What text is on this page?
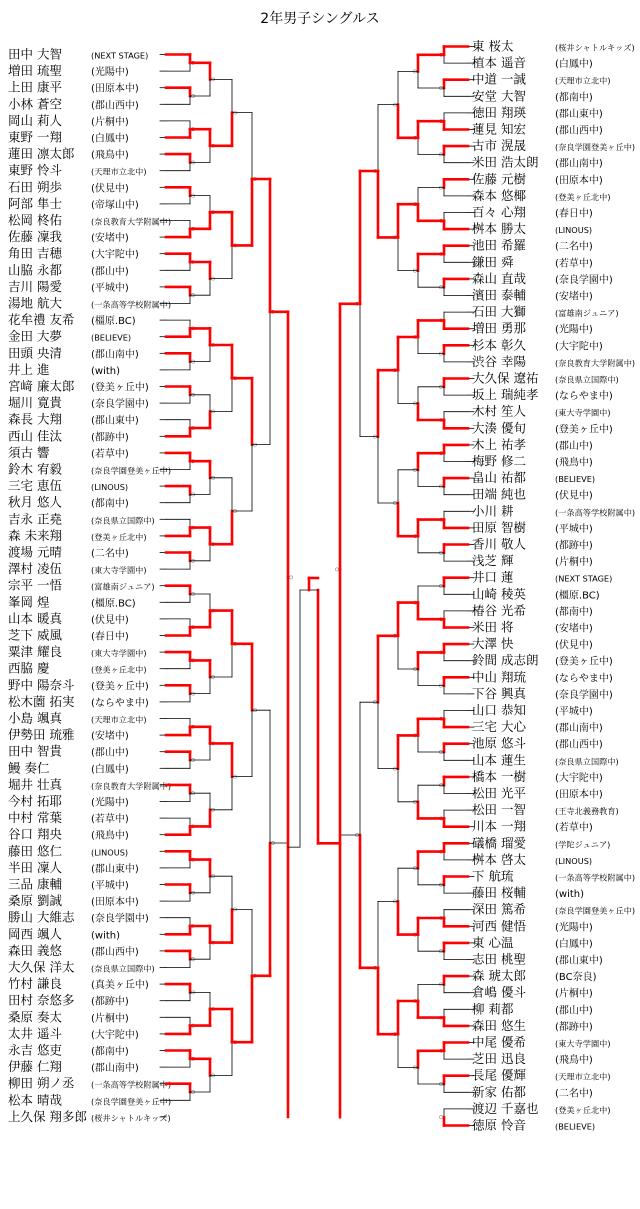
2年男子シングルス
田中 大智	(NEXT STAGE)
増田 琉聖	(光陽中)
上田 康平	(田原本中)
小林 蒼空	(郡山西中)
岡山 莉人	(片桐中)
東野 一翔	(白鳳中)
蓮田 凛太郎 (飛鳥中)
東野 怜斗	(天理市立北中)
石田 朔歩	(伏見中)
阿部 隼士	(帝塚山中)
松岡 柊佑	(奈良教育大学附属中)
佐藤 凜我	(安堵中)
角田 吉穂	(大宇陀中)
山脇 永都	(郡山中)
吉川 陽愛	(平城中)
湯地 航大	(一条高等学校附属中)
花牟禮 友希 (橿原.BC)
金田 大夢	(BELIEVE)
田頭 央清	(郡山南中)
井上 進	(with)
宮﨑 廉太郎 (登美ヶ丘中)
堀川 寛貴	(奈良学園中)
森長 大翔	(郡山東中)
西山 佳汰	(都跡中)
須古 響	(若草中)
鈴木 宥毅	(奈良学園登美ヶ丘中)
三宅 恵伍	(LINOUS)
秋月 悠人	(都南中)
吉永 正堯	(奈良県立国際中)
森 未来翔	(登美ヶ丘北中)
渡場 元晴	(二名中)
澤村 凌伍	(東大寺学園中)
宗平 一悟	(富雄南ジュニア)
峯岡 煌	(橿原.BC)
山本 暖真	(伏見中)
芝下 威風	(春日中)
粟津 耀良	(東大寺学園中)
西脇 慶	(登美ヶ丘北中)
野中 陽奈斗 (登美ヶ丘中)
松木薗 拓実 (ならやま中)
小島 颯真	(天理市立北中)
伊勢田 琉雅 (安堵中)
田中 智貴	(郡山中)
鰻 奏仁	(白鳳中)
堀井 壮真	(奈良教育大学附属中)
今村 拓耶	(光陽中)
中村 常葉	(若草中)
谷口 翔央	(飛鳥中)
藤田 悠仁	(LINOUS)
半田 凜人	(郡山東中)
三品 康輔	(平城中)
桑原 劉誠	(田原本中)
勝山 大維志 (奈良学園中)
岡西 颯人	(with)
森田 義悠	(郡山西中)
大久保 洋太 (奈良県立国際中)
竹村 謙良	(真美ヶ丘中)
田村 奈悠多 (都跡中)
桑原 奏太	(片桐中)
太井 遥斗	(大宇陀中)
永吉 悠吏	(都南中)
伊藤 仁翔	(郡山南中)
柳田 朔ノ丞 (一条高等学校附属中)
松本 晴哉	(奈良学園登美ヶ丘中)
上久保 翔多郎 (桜井シャトルキッズ)
東 桜太	(桜井シャトルキッズ)
植本 遥音	(白鳳中)
中道 一誠	(天理市立北中)
安堂 大智	(都南中)
徳田 翔瑛	(郡山東中)
蓮見 知宏	(郡山西中)
古市 滉晟	(奈良学園登美ヶ丘中)
米田 浩太朗 (郡山南中)
佐藤 元樹	(田原本中)
森本 悠椰	(登美ヶ丘北中)
百々 心翔	(春日中)
桝本 勝太	(LINOUS)
池田 希羅	(二名中)
鎌田 舜	(若草中)
森山 直哉	(奈良学園中)
濱田 泰輔	(安堵中)
石田 大獅	(富雄南ジュニア)
増田 勇那	(光陽中)
杉本 彰久	(大宇陀中)
渋谷 幸陽	(奈良教育大学附属中)
大久保 遼祐 (奈良県立国際中)
坂上 瑞純孝 (ならやま中)
木村 笙人	(東大寺学園中)
大湊 優旬	(登美ヶ丘中)
木上 祐孝	(郡山中)
梅野 修二	(飛鳥中)
畠山 祐都	(BELIEVE)
田端 純也	(伏見中)
小川 耕	(一条高等学校附属中)
田原 智樹	(平城中)
香川 敬人	(都跡中)
浅芝 輝	(片桐中)
井口 蓮	(NEXT STAGE)
山崎 稜英	(橿原.BC)
椿谷 光希	(都南中)
米田 将	(安堵中)
大澤 快	(伏見中)
鈴間 成志朗 (登美ヶ丘中)
中山 翔琉	(ならやま中)
下谷 興真	(奈良学園中)
山口 恭知	(平城中)
三宅 大心	(郡山南中)
池原 悠斗	(郡山西中)
山本 蓮生	(奈良県立国際中)
橋本 一樹	(大宇陀中)
松田 光平	(田原本中)
松田 一智	(王寺北義務教育)
川本 一翔	(若草中)
礒橋 瑠愛	(学陀ジュニア)
桝本 啓太	(LINOUS)
下 航琉	(一条高等学校附属中)
藤田 桜輔	(with)
深田 篤希	(奈良学園登美ヶ丘中)
河西 健悟	(光陽中)
東 心温	(白鳳中)
志田 桃聖	(郡山東中)
森 琥太郎	(BC奈良)
倉嶋 優斗	(片桐中)
柳 莉都	(郡山中)
森田 悠生	(都跡中)
中尾 優希	(東大寺学園中)
芝田 迅良	(飛鳥中)
長尾 優輝	(天理市立北中)
新家 佑都	(二名中)
渡辺 千嘉也 (登美ヶ丘北中)
徳原 怜音	(BELIEVE)
